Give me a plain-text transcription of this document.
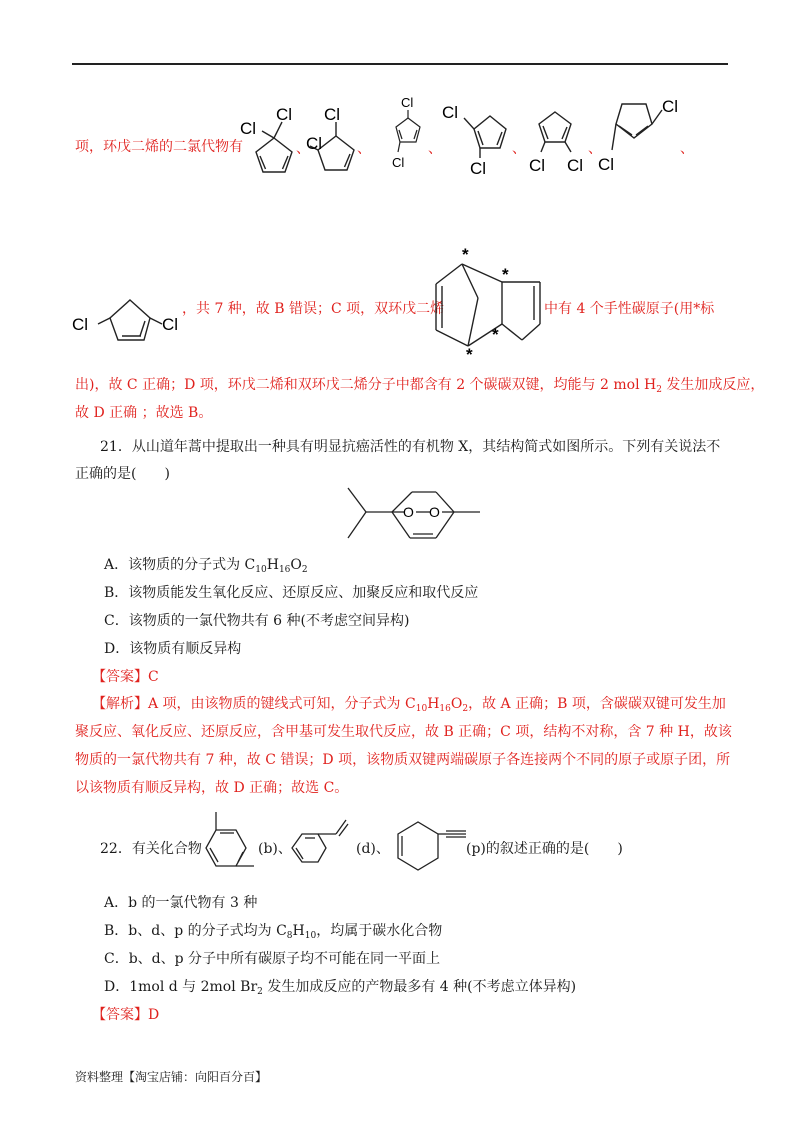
项，环戊二烯的二氯代物有
Cl
Cl
、
Cl
Cl 、
Cl
Cl
、
Cl
Cl
、
Cl Cl
、
Cl
Cl
、
Cl	Cl
，共 7 种，故 B 错误；C 项，双环戊二烯
*
*
*
*
中有 4 个手性碳原子(用*标
出)，故 C 正确；D 项，环戊二烯和双环戊二烯分子中都含有 2 个碳碳双键，均能与 2 mol $H_2$ 发生加成反应，
故 D 正确 ；故选 B。
21．从山道年蒿中提取出一种具有明显抗癌活性的有机物 X，其结构简式如图所示。下列有关说法不
正确的是(　　)
O O
A．该物质的分子式为 $C_{10}H_{16}O_2$
B．该物质能发生氧化反应、还原反应、加聚反应和取代反应
C．该物质的一氯代物共有 6 种(不考虑空间异构)
D．该物质有顺反异构
【答案】C
【解析】A 项，由该物质的键线式可知，分子式为 $C_{10}H_{16}O_2$，故 A 正确；B 项，含碳碳双键可发生加
聚反应、氧化反应、还原反应，含甲基可发生取代反应，故 B 正确；C 项，结构不对称，含 7 种 H，故该
物质的一氯代物共有 7 种，故 C 错误；D 项，该物质双键两端碳原子各连接两个不同的原子或原子团，所
以该物质有顺反异构，故 D 正确；故选 C。
22．有关化合物	(b)、	(d)、	(p)的叙述正确的是(　　)
A．b 的一氯代物有 3 种
B．b、d、p 的分子式均为 $C_8H_{10}$，均属于碳水化合物
C．b、d、p 分子中所有碳原子均不可能在同一平面上
D．1mol d 与 2mol $Br_2$ 发生加成反应的产物最多有 4 种(不考虑立体异构)
【答案】D
资料整理【淘宝店铺：向阳百分百】
